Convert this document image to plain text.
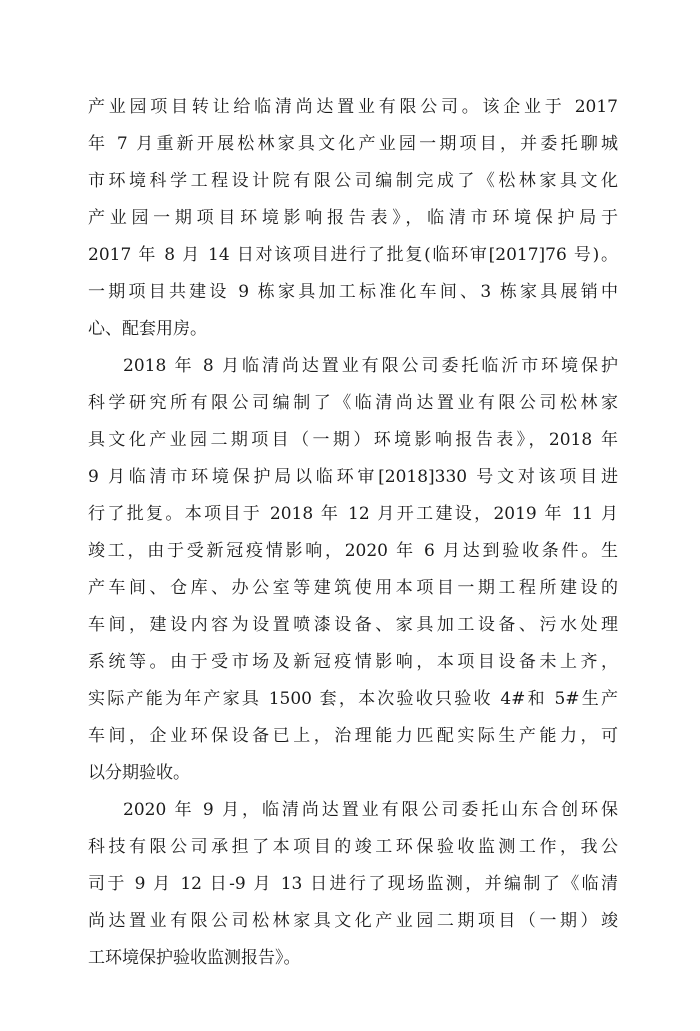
产业园项目转让给临清尚达置业有限公司。该企业于 2017
年 7 月重新开展松林家具文化产业园一期项目，并委托聊城
市环境科学工程设计院有限公司编制完成了《松林家具文化
产业园一期项目环境影响报告表》，临清市环境保护局于
2017 年 8 月 14 日对该项目进行了批复(临环审[2017]76 号)。
一期项目共建设 9 栋家具加工标准化车间、3 栋家具展销中
心、配套用房。
2018 年 8 月临清尚达置业有限公司委托临沂市环境保护
科学研究所有限公司编制了《临清尚达置业有限公司松林家
具文化产业园二期项目（一期）环境影响报告表》，2018 年
9 月临清市环境保护局以临环审[2018]330 号文对该项目进
行了批复。本项目于 2018 年 12 月开工建设，2019 年 11 月
竣工，由于受新冠疫情影响，2020 年 6 月达到验收条件。生
产车间、仓库、办公室等建筑使用本项目一期工程所建设的
车间，建设内容为设置喷漆设备、家具加工设备、污水处理
系统等。由于受市场及新冠疫情影响，本项目设备未上齐，
实际产能为年产家具 1500 套，本次验收只验收 4#和 5#生产
车间，企业环保设备已上，治理能力匹配实际生产能力，可
以分期验收。
2020 年 9 月，临清尚达置业有限公司委托山东合创环保
科技有限公司承担了本项目的竣工环保验收监测工作，我公
司于 9 月 12 日-9 月 13 日进行了现场监测，并编制了《临清
尚达置业有限公司松林家具文化产业园二期项目（一期）竣
工环境保护验收监测报告》。
